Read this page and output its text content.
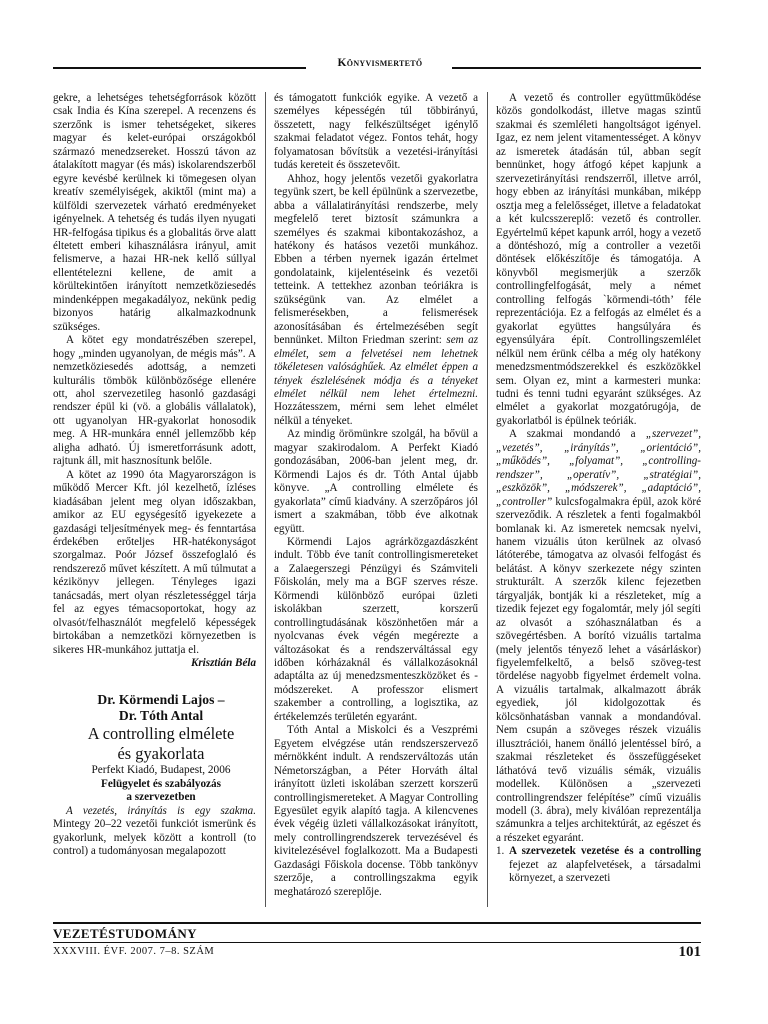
Könyvismertető

gekre, a lehetséges tehetségforrások között csak India és Kína szerepel. A recenzens és szerzőnk is ismer tehetségeket, sikeres magyar és kelet-európai országokból származó menedzsereket. Hosszú távon az átalakított magyar (és más) iskolarendszerből egyre kevésbé kerülnek ki tömegesen olyan kreatív személyiségek, akiktől (mint ma) a külföldi szervezetek várható eredményeket igényelnek. A tehetség és tudás ilyen nyugati HR-felfogása tipikus és a globalitás örve alatt éltetett emberi kihasználásra irányul, amit felismerve, a hazai HR-nek kellő súllyal ellentételezni kellene, de amit a körültekintően irányított nemzetköziesedés mindenképpen megakadályoz, nekünk pedig bizonyos határig alkalmazkodnunk szükséges.

A kötet egy mondatrészében szerepel, hogy „minden ugyanolyan, de mégis más”. A nemzetköziesedés adottság, a nemzeti kulturális tömbök különbözősége ellenére ott, ahol szervezetileg hasonló gazdasági rendszer épül ki (vö. a globális vállalatok), ott ugyanolyan HR-gyakorlat honosodik meg. A HR-munkára ennél jellemzőbb kép aligha adható. Új ismeretforrásunk adott, rajtunk áll, mit hasznosítunk belőle.

A kötet az 1990 óta Magyarországon is működő Mercer Kft. jól kezelhető, ízléses kiadásában jelent meg olyan időszakban, amikor az EU egységesítő igyekezete a gazdasági teljesítmények meg- és fenntartása érdekében erőteljes HR-hatékonyságot szorgalmaz. Poór József összefoglaló és rendszerező művet készített. A mű túlmutat a kézikönyv jellegen. Tényleges igazi tanácsadás, mert olyan részletességgel tárja fel az egyes témacsoportokat, hogy az olvasót/felhasználót megfelelő képességek birtokában a nemzetközi környezetben is sikeres HR-munkához juttatja el.

Krisztián Béla

Dr. Körmendi Lajos –

Dr. Tóth Antal

A controlling elmélete

és gyakorlata

Perfekt Kiadó, Budapest, 2006

Felügyelet és szabályozás

a szervezetben

A vezetés, irányítás is egy szakma. Mintegy 20–22 vezetői funkciót ismerünk és gyakorlunk, melyek között a kontroll (to control) a tudományosan megalapozott

és támogatott funkciók egyike. A vezető a személyes képességén túl többirányú, összetett, nagy felkészültséget igénylő szakmai feladatot végez. Fontos tehát, hogy folyamatosan bővítsük a vezetési-irányítási tudás kereteit és összetevőit.

Ahhoz, hogy jelentős vezetői gyakorlatra tegyünk szert, be kell épülnünk a szervezetbe, abba a vállalatirányítási rendszerbe, mely megfelelő teret biztosít számunkra a személyes és szakmai kibontakozáshoz, a hatékony és hatásos vezetői munkához. Ebben a térben nyernek igazán értelmet gondolataink, kijelentéseink és vezetői tetteink. A tettekhez azonban teóriákra is szükségünk van. Az elmélet a felismerésekben, a felismerések azonosításában és értelmezésében segít bennünket. Milton Friedman szerint: sem az elmélet, sem a felvetései nem lehetnek tökéletesen valósághűek. Az elmélet éppen a tények észlelésének módja és a tényeket elmélet nélkül nem lehet értelmezni. Hozzátesszem, mérni sem lehet elmélet nélkül a tényeket.

Az mindig örömünkre szolgál, ha bővül a magyar szakirodalom. A Perfekt Kiadó gondozásában, 2006-ban jelent meg, dr. Körmendi Lajos és dr. Tóth Antal újabb könyve. „A controlling elmélete és gyakorlata” című kiadvány. A szerzőpáros jól ismert a szakmában, több éve alkotnak együtt.

Körmendi Lajos agrárközgazdászként indult. Több éve tanít controllingismereteket a Zalaegerszegi Pénzügyi és Számviteli Főiskolán, mely ma a BGF szerves része. Körmendi különböző európai üzleti iskolákban szerzett, korszerű controllingtudásának köszönhetően már a nyolcvanas évek végén megérezte a változásokat és a rendszerváltással egy időben kórházaknál és vállalkozásoknál adaptálta az új menedzsmenteszközöket és -módszereket. A professzor elismert szakember a controlling, a logisztika, az értékelemzés területén egyaránt.

Tóth Antal a Miskolci és a Veszprémi Egyetem elvégzése után rendszerszervező mérnökként indult. A rendszerváltozás után Németországban, a Péter Horváth által irányított üzleti iskolában szerzett korszerű controllingismereteket. A Magyar Controlling Egyesület egyik alapító tagja. A kilencvenes évek végéig üzleti vállalkozásokat irányított, mely controllingrendszerek tervezésével és kivitelezésével foglalkozott. Ma a Budapesti Gazdasági Főiskola docense. Több tankönyv szerzője, a controllingszakma egyik meghatározó szereplője.

A vezető és controller együttműködése közös gondolkodást, illetve magas szintű szakmai és szemléleti hangoltságot igényel. Igaz, ez nem jelent vitamentességet. A könyv az ismeretek átadásán túl, abban segít bennünket, hogy átfogó képet kapjunk a szervezetirányítási rendszerről, illetve arról, hogy ebben az irányítási munkában, miképp osztja meg a felelősséget, illetve a feladatokat a két kulcsszereplő: vezető és controller. Egyértelmű képet kapunk arról, hogy a vezető a döntéshozó, míg a controller a vezetői döntések előkészítője és támogatója. A könyvből megismerjük a szerzők controllingfelfogását, mely a német controlling felfogás `körmendi-tóth’ féle reprezentációja. Ez a felfogás az elmélet és a gyakorlat együttes hangsúlyára és egyensúlyára épít. Controllingszemlélet nélkül nem érünk célba a még oly hatékony menedzsmentmódszerekkel és eszközökkel sem. Olyan ez, mint a karmesteri munka: tudni és tenni tudni egyaránt szükséges. Az elmélet a gyakorlat mozgatórugója, de gyakorlatból is épülnek teóriák.

A szakmai mondandó a „szervezet”, „vezetés”, „irányítás”, „orientáció”, „működés”, „folyamat”, „controlling-rendszer”, „operatív”, „stratégiai”, „eszközök”, „módszerek”, „adaptáció”, „controller” kulcsfogalmakra épül, azok köré szerveződik. A részletek a fenti fogalmakból bomlanak ki. Az ismeretek nemcsak nyelvi, hanem vizuális úton kerülnek az olvasó látóterébe, támogatva az olvasói felfogást és belátást. A könyv szerkezete négy szinten strukturált. A szerzők kilenc fejezetben tárgyalják, bontják ki a részleteket, míg a tizedik fejezet egy fogalomtár, mely jól segíti az olvasót a szóhasználatban és a szövegértésben. A borító vizuális tartalma (mely jelentős tényező lehet a vásárláskor) figyelemfelkeltő, a belső szöveg-test tördelése nagyobb figyelmet érdemelt volna. A vizuális tartalmak, alkalmazott ábrák egyediek, jól kidolgozottak és kölcsönhatásban vannak a mondandóval. Nem csupán a szöveges részek vizuális illusztrációi, hanem önálló jelentéssel bíró, a szakmai részleteket és összefüggéseket láthatóvá tevő vizuális sémák, vizuális modellek. Különösen a „szervezeti controllingrendszer felépítése” című vizuális modell (3. ábra), mely kiválóan reprezentálja számunkra a teljes architektúrát, az egészet és a részeket egyaránt.

1. A szervezetek vezetése és a controlling fejezet az alapfelvetések, a társadalmi környezet, a szervezeti
VEZETÉSTUDOMÁNY
XXXVIII. ÉVF. 2007. 7–8. SZÁM	101
